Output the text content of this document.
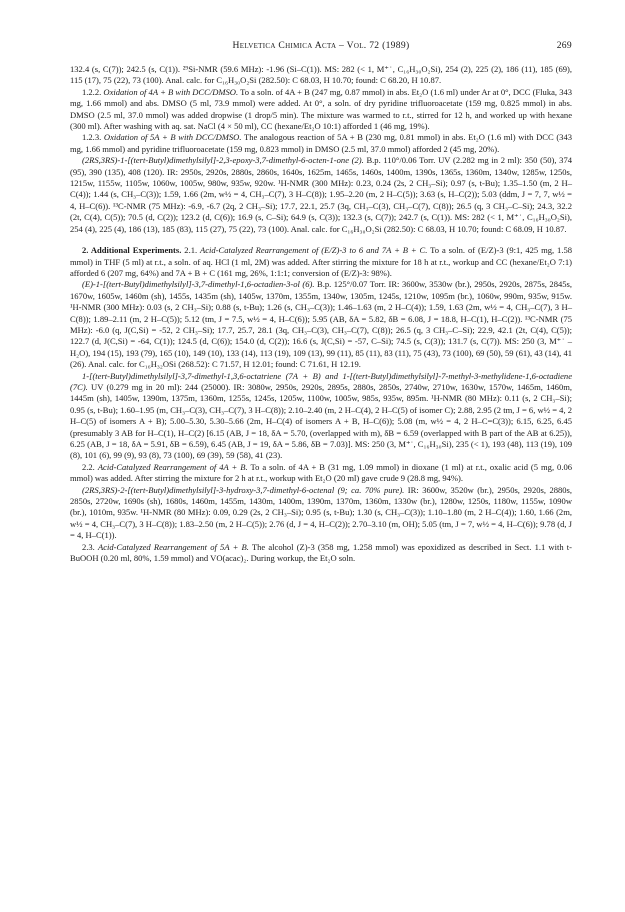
Helvetica Chimica Acta – Vol. 72 (1989)	269

132.4 (s, C(7)); 242.5 (s, C(1)). ²⁹Si-NMR (59.6 MHz): -1.96 (Si–C(1)). MS: 282 (< 1, M⁺˙, C₁₆H₃₀O₂Si), 254 (2), 225 (2), 186 (11), 185 (69), 115 (17), 75 (22), 73 (100). Anal. calc. for C₁₆H₃₀O₂Si (282.50): C 68.03, H 10.70; found: C 68.20, H 10.87.

1.2.2. Oxidation of 4A + B with DCC/DMSO. To a soln. of 4A + B (247 mg, 0.87 mmol) in abs. Et₂O (1.6 ml) under Ar at 0°, DCC (Fluka, 343 mg, 1.66 mmol) and abs. DMSO (5 ml, 73.9 mmol) were added. At 0°, a soln. of dry pyridine trifluoroacetate (159 mg, 0.825 mmol) in abs. DMSO (2.5 ml, 37.0 mmol) was added dropwise (1 drop/5 min). The mixture was warmed to r.t., stirred for 12 h, and worked up with hexane (300 ml). After washing with aq. sat. NaCl (4 × 50 ml), CC (hexane/Et₂O 10:1) afforded 1 (46 mg, 19%).

1.2.3. Oxidation of 5A + B with DCC/DMSO. The analogous reaction of 5A + B (230 mg, 0.81 mmol) in abs. Et₂O (1.6 ml) with DCC (343 mg, 1.66 mmol) and pyridine trifluoroacetate (159 mg, 0.823 mmol) in DMSO (2.5 ml, 37.0 mmol) afforded 2 (45 mg, 20%).

(2RS,3RS)-1-[(tert-Butyl)dimethylsilyl]-2,3-epoxy-3,7-dimethyl-6-octen-1-one (2). B.p. 110°/0.06 Torr. UV (2.282 mg in 2 ml): 350 (50), 374 (95), 390 (135), 408 (120). IR: 2950s, 2920s, 2880s, 2860s, 1640s, 1625m, 1465s, 1460s, 1400m, 1390s, 1365s, 1360m, 1340w, 1285w, 1250s, 1215w, 1155w, 1105w, 1060w, 1005w, 980w, 935w, 920w. ¹H-NMR (300 MHz): 0.23, 0.24 (2s, 2 CH₃–Si); 0.97 (s, t-Bu); 1.35–1.50 (m, 2 H–C(4)); 1.44 (s, CH₃–C(3)); 1.59, 1.66 (2m, w½ = 4, CH₃–C(7), 3 H–C(8)); 1.95–2.20 (m, 2 H–C(5)); 3.63 (s, H–C(2)); 5.03 (ddm, J = 7, 7, w½ = 4, H–C(6)). ¹³C-NMR (75 MHz): -6.9, -6.7 (2q, 2 CH₃–Si); 17.7, 22.1, 25.7 (3q, CH₃–C(3), CH₃–C(7), C(8)); 26.5 (q, 3 CH₃–C–Si); 24.3, 32.2 (2t, C(4), C(5)); 70.5 (d, C(2)); 123.2 (d, C(6)); 16.9 (s, C–Si); 64.9 (s, C(3)); 132.3 (s, C(7)); 242.7 (s, C(1)). MS: 282 (< 1, M⁺˙, C₁₆H₃₀O₂Si), 254 (4), 225 (4), 186 (13), 185 (83), 115 (27), 75 (22), 73 (100). Anal. calc. for C₁₆H₃₀O₂Si (282.50): C 68.03, H 10.70; found: C 68.09, H 10.87.

2. Additional Experiments. 2.1. Acid-Catalyzed Rearrangement of (E/Z)-3 to 6 and 7A + B + C. To a soln. of (E/Z)-3 (9:1, 425 mg, 1.58 mmol) in THF (5 ml) at r.t., a soln. of aq. HCl (1 ml, 2M) was added. After stirring the mixture for 18 h at r.t., workup and CC (hexane/Et₂O 7:1) afforded 6 (207 mg, 64%) and 7A + B + C (161 mg, 26%, 1:1:1; conversion of (E/Z)-3: 98%).

(E)-1-[(tert-Butyl)dimethylsilyl]-3,7-dimethyl-1,6-octadien-3-ol (6). B.p. 125°/0.07 Torr. IR: 3600w, 3530w (br.), 2950s, 2920s, 2875s, 2845s, 1670w, 1605w, 1460m (sh), 1455s, 1435m (sh), 1405w, 1370m, 1355m, 1340w, 1305m, 1245s, 1210w, 1095m (br.), 1060w, 990m, 935w, 915w. ¹H-NMR (300 MHz): 0.03 (s, 2 CH₃–Si); 0.88 (s, t-Bu); 1.26 (s, CH₃–C(3)); 1.46–1.63 (m, 2 H–C(4)); 1.59, 1.63 (2m, w½ = 4, CH₃–C(7), 3 H–C(8)); 1.89–2.11 (m, 2 H–C(5)); 5.12 (tm, J = 7.5, w½ = 4, H–C(6)); 5.95 (AB, δA = 5.82, δB = 6.08, J = 18.8, H–C(1), H–C(2)). ¹³C-NMR (75 MHz): -6.0 (q, J(C,Si) = -52, 2 CH₃–Si); 17.7, 25.7, 28.1 (3q, CH₃–C(3), CH₃–C(7), C(8)); 26.5 (q, 3 CH₃–C–Si); 22.9, 42.1 (2t, C(4), C(5)); 122.7 (d, J(C,Si) = -64, C(1)); 124.5 (d, C(6)); 154.0 (d, C(2)); 16.6 (s, J(C,Si) = -57, C–Si); 74.5 (s, C(3)); 131.7 (s, C(7)). MS: 250 (3, M⁺˙ – H₂O), 194 (15), 193 (79), 165 (10), 149 (10), 133 (14), 113 (19), 109 (13), 99 (11), 85 (11), 83 (11), 75 (43), 73 (100), 69 (50), 59 (61), 43 (14), 41 (26). Anal. calc. for C₁₆H₃₂OSi (268.52): C 71.57, H 12.01; found: C 71.61, H 12.19.

1-[(tert-Butyl)dimethylsilyl]-3,7-dimethyl-1,3,6-octatriene (7A + B) and 1-[(tert-Butyl)dimethylsilyl]-7-methyl-3-methylidene-1,6-octadiene (7C). UV (0.279 mg in 20 ml): 244 (25000). IR: 3080w, 2950s, 2920s, 2895s, 2880s, 2850s, 2740w, 2710w, 1630w, 1570w, 1465m, 1460m, 1445m (sh), 1405w, 1390m, 1375m, 1360m, 1255s, 1245s, 1205w, 1100w, 1005w, 985s, 935w, 895m. ¹H-NMR (80 MHz): 0.11 (s, 2 CH₃–Si); 0.95 (s, t-Bu); 1.60–1.95 (m, CH₃–C(3), CH₃–C(7), 3 H–C(8)); 2.10–2.40 (m, 2 H–C(4), 2 H–C(5) of isomer C); 2.88, 2.95 (2 tm, J = 6, w½ = 4, 2 H–C(5) of isomers A + B); 5.00–5.30, 5.30–5.66 (2m, H–C(4) of isomers A + B, H–C(6)); 5.08 (m, w½ = 4, 2 H–C=C(3)); 6.15, 6.25, 6.45 (presumably 3 AB for H–C(1), H–C(2) [6.15 (AB, J = 18, δA = 5.70, (overlapped with m), δB = 6.59 (overlapped with B part of the AB at 6.25)), 6.25 (AB, J = 18, δA = 5.91, δB = 6.59), 6.45 (AB, J = 19, δA = 5.86, δB = 7.03)]. MS: 250 (3, M⁺˙, C₁₆H₃₀Si), 235 (< 1), 193 (48), 113 (19), 109 (8), 101 (6), 99 (9), 93 (8), 73 (100), 69 (39), 59 (58), 41 (23).

2.2. Acid-Catalyzed Rearrangement of 4A + B. To a soln. of 4A + B (31 mg, 1.09 mmol) in dioxane (1 ml) at r.t., oxalic acid (5 mg, 0.06 mmol) was added. After stirring the mixture for 2 h at r.t., workup with Et₂O (20 ml) gave crude 9 (28.8 mg, 94%).

(2RS,3RS)-2-[(tert-Butyl)dimethylsilyl]-3-hydroxy-3,7-dimethyl-6-octenal (9; ca. 70% pure). IR: 3600w, 3520w (br.), 2950s, 2920s, 2880s, 2850s, 2720w, 1690s (sh), 1680s, 1460m, 1455m, 1430m, 1400m, 1390m, 1370m, 1360m, 1330w (br.), 1280w, 1250s, 1180w, 1155w, 1090w (br.), 1010m, 935w. ¹H-NMR (80 MHz): 0.09, 0.29 (2s, 2 CH₃–Si); 0.95 (s, t-Bu); 1.30 (s, CH₃–C(3)); 1.10–1.80 (m, 2 H–C(4)); 1.60, 1.66 (2m, w½ = 4, CH₃–C(7), 3 H–C(8)); 1.83–2.50 (m, 2 H–C(5)); 2.76 (d, J = 4, H–C(2)); 2.70–3.10 (m, OH); 5.05 (tm, J = 7, w½ = 4, H–C(6)); 9.78 (d, J = 4, H–C(1)).

2.3. Acid-Catalyzed Rearrangement of 5A + B. The alcohol (Z)-3 (358 mg, 1.258 mmol) was epoxidized as described in Sect. 1.1 with t-BuOOH (0.20 ml, 80%, 1.59 mmol) and VO(acac)₂. During workup, the Et₂O soln.
